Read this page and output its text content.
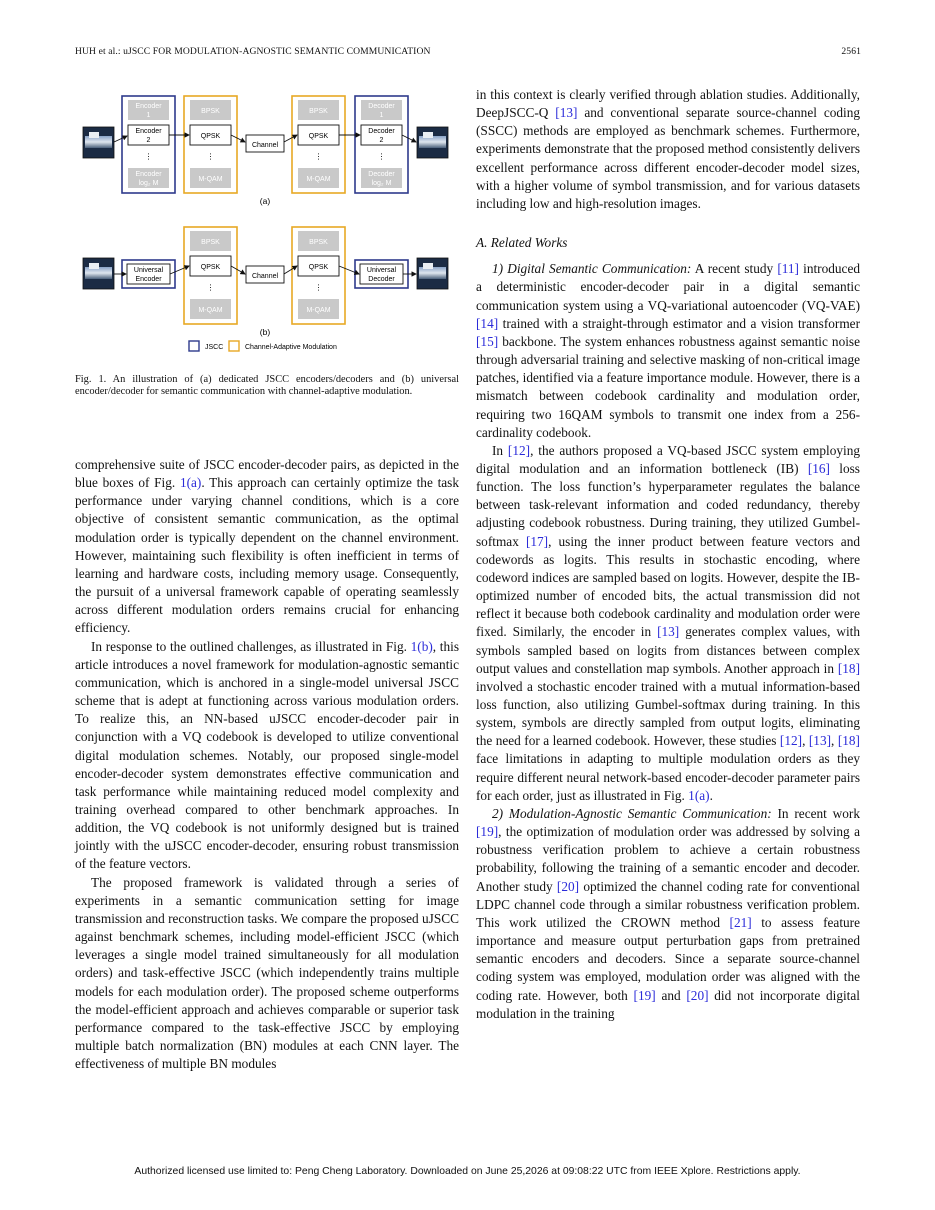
HUH et al.: uJSCC FOR MODULATION-AGNOSTIC SEMANTIC COMMUNICATION	2561
Encoder
1
Encoder
2
⋮
Encoder
log₂ M
BPSK
QPSK
⋮
M-QAM
Channel
BPSK
QPSK
⋮
M-QAM
Decoder
1
Decoder
2
⋮
Decoder
log₂ M
(a)
Universal
Encoder
BPSK
QPSK
⋮
M-QAM
Channel
BPSK
QPSK
⋮
M-QAM
Universal
Decoder
(b)
JSCC	Channel-Adaptive Modulation
Fig. 1. An illustration of (a) dedicated JSCC encoders/decoders and (b) universal encoder/decoder for semantic communication with channel-adaptive modulation.

comprehensive suite of JSCC encoder-decoder pairs, as depicted in the blue boxes of Fig. 1(a). This approach can certainly optimize the task performance under varying channel conditions, which is a core objective of consistent semantic communication, as the optimal modulation order is typically dependent on the channel environment. However, maintaining such flexibility is often inefficient in terms of learning and hardware costs, including memory usage. Consequently, the pursuit of a universal framework capable of operating seamlessly across different modulation orders remains crucial for enhancing efficiency.

In response to the outlined challenges, as illustrated in Fig. 1(b), this article introduces a novel framework for modulation-agnostic semantic communication, which is anchored in a single-model universal JSCC scheme that is adept at functioning across various modulation orders. To realize this, an NN-based uJSCC encoder-decoder pair in conjunction with a VQ codebook is developed to utilize conventional digital modulation schemes. Notably, our proposed single-model encoder-decoder system demonstrates effective communication and task performance while maintaining reduced model complexity and training overhead compared to other benchmark approaches. In addition, the VQ codebook is not uniformly designed but is trained jointly with the uJSCC encoder-decoder, ensuring robust transmission of the feature vectors.

The proposed framework is validated through a series of experiments in a semantic communication setting for image transmission and reconstruction tasks. We compare the proposed uJSCC against benchmark schemes, including model-efficient JSCC (which leverages a single model trained simultaneously for all modulation orders) and task-effective JSCC (which independently trains multiple models for each modulation order). The proposed scheme outperforms the model-efficient approach and achieves comparable or superior task performance compared to the task-effective JSCC by employing multiple batch normalization (BN) modules at each CNN layer. The effectiveness of multiple BN modules

in this context is clearly verified through ablation studies. Additionally, DeepJSCC-Q [13] and conventional separate source-channel coding (SSCC) methods are employed as benchmark schemes. Furthermore, experiments demonstrate that the proposed method consistently delivers excellent performance across different encoder-decoder model sizes, with a higher volume of symbol transmission, and for various datasets including low and high-resolution images.

A. Related Works

1) Digital Semantic Communication: A recent study [11] introduced a deterministic encoder-decoder pair in a digital semantic communication system using a VQ-variational autoencoder (VQ-VAE) [14] trained with a straight-through estimator and a vision transformer [15] backbone. The system enhances robustness against semantic noise through adversarial training and selective masking of non-critical image patches, identified via a feature importance module. However, there is a mismatch between codebook cardinality and modulation order, requiring two 16QAM symbols to transmit one index from a 256-cardinality codebook.

In [12], the authors proposed a VQ-based JSCC system employing digital modulation and an information bottleneck (IB) [16] loss function. The loss function’s hyperparameter regulates the balance between task-relevant information and coded redundancy, thereby adjusting codebook robustness. During training, they utilized Gumbel-softmax [17], using the inner product between feature vectors and codewords as logits. This results in stochastic encoding, where codeword indices are sampled based on logits. However, despite the IB-optimized number of encoded bits, the actual transmission did not reflect it because both codebook cardinality and modulation order were fixed. Similarly, the encoder in [13] generates complex values, with symbols sampled based on logits from distances between complex output values and constellation map symbols. Another approach in [18] involved a stochastic encoder trained with a mutual information-based loss function, also utilizing Gumbel-softmax during training. In this system, symbols are directly sampled from output logits, eliminating the need for a learned codebook. However, these studies [12], [13], [18] face limitations in adapting to multiple modulation orders as they require different neural network-based encoder-decoder parameter pairs for each order, just as illustrated in Fig. 1(a).

2) Modulation-Agnostic Semantic Communication: In recent work [19], the optimization of modulation order was addressed by solving a robustness verification problem to achieve a certain robustness probability, following the training of a semantic encoder and decoder. Another study [20] optimized the channel coding rate for conventional LDPC channel code through a similar robustness verification problem. This work utilized the CROWN method [21] to assess feature importance and measure output perturbation gaps from pretrained semantic encoders and decoders. Since a separate source-channel coding system was employed, modulation order was aligned with the coding rate. However, both [19] and [20] did not incorporate digital modulation in the training

Authorized licensed use limited to: Peng Cheng Laboratory. Downloaded on June 25,2026 at 09:08:22 UTC from IEEE Xplore. Restrictions apply.
